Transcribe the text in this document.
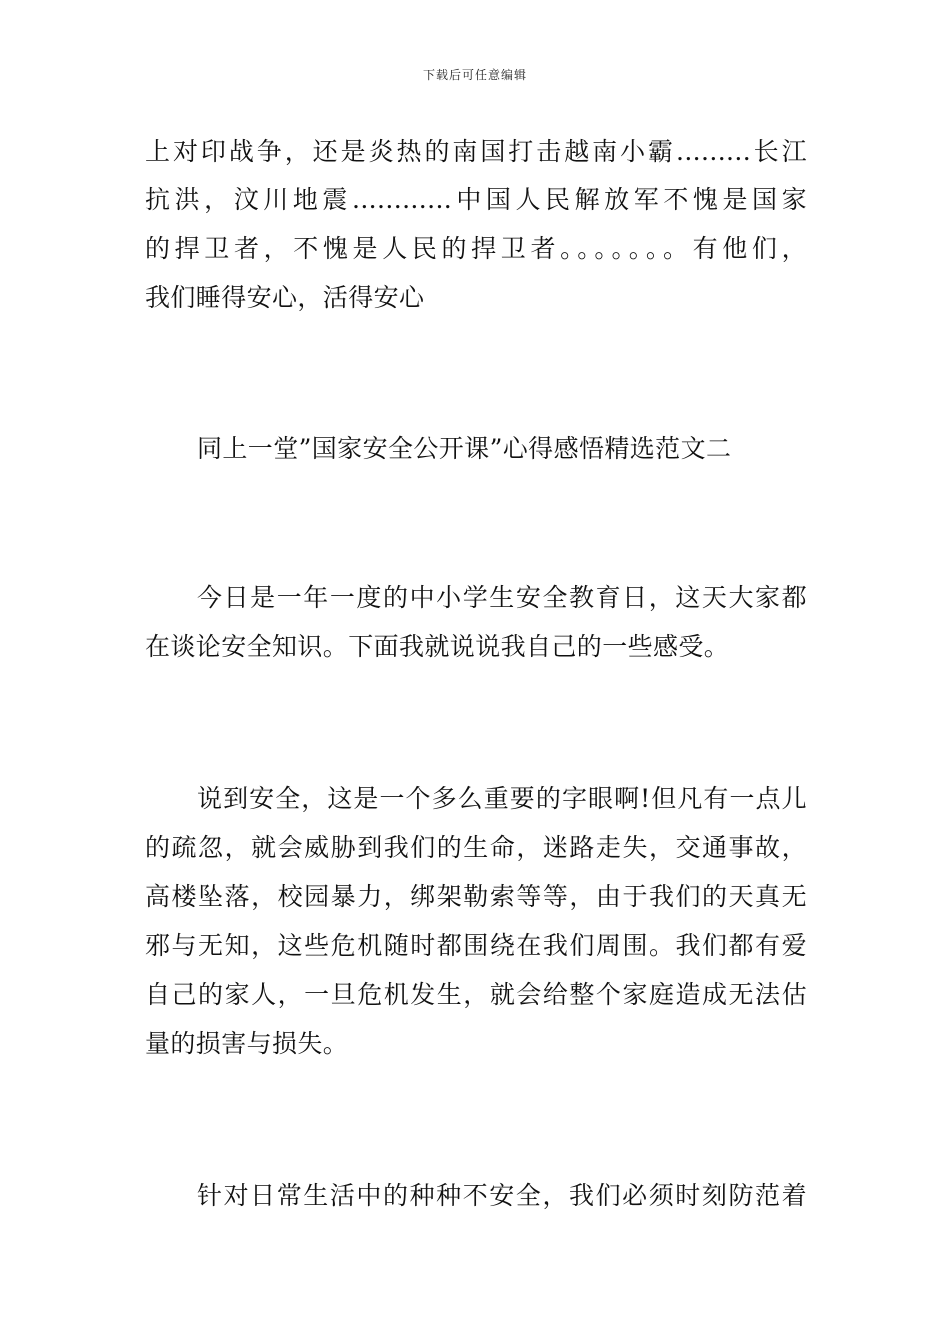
下载后可任意编辑
上对印战争，还是炎热的南国打击越南小霸.........长江
抗洪，汶川地震............中国人民解放军不愧是国家
的捍卫者，不愧是人民的捍卫者。。。。。。。有他们，
我们睡得安心，活得安心
同上一堂”国家安全公开课”心得感悟精选范文二
今日是一年一度的中小学生安全教育日，这天大家都
在谈论安全知识。下面我就说说我自己的一些感受。
说到安全，这是一个多么重要的字眼啊!但凡有一点儿
的疏忽，就会威胁到我们的生命，迷路走失，交通事故，
高楼坠落，校园暴力，绑架勒索等等，由于我们的天真无
邪与无知，这些危机随时都围绕在我们周围。我们都有爱
自己的家人，一旦危机发生，就会给整个家庭造成无法估
量的损害与损失。
针对日常生活中的种种不安全，我们必须时刻防范着
